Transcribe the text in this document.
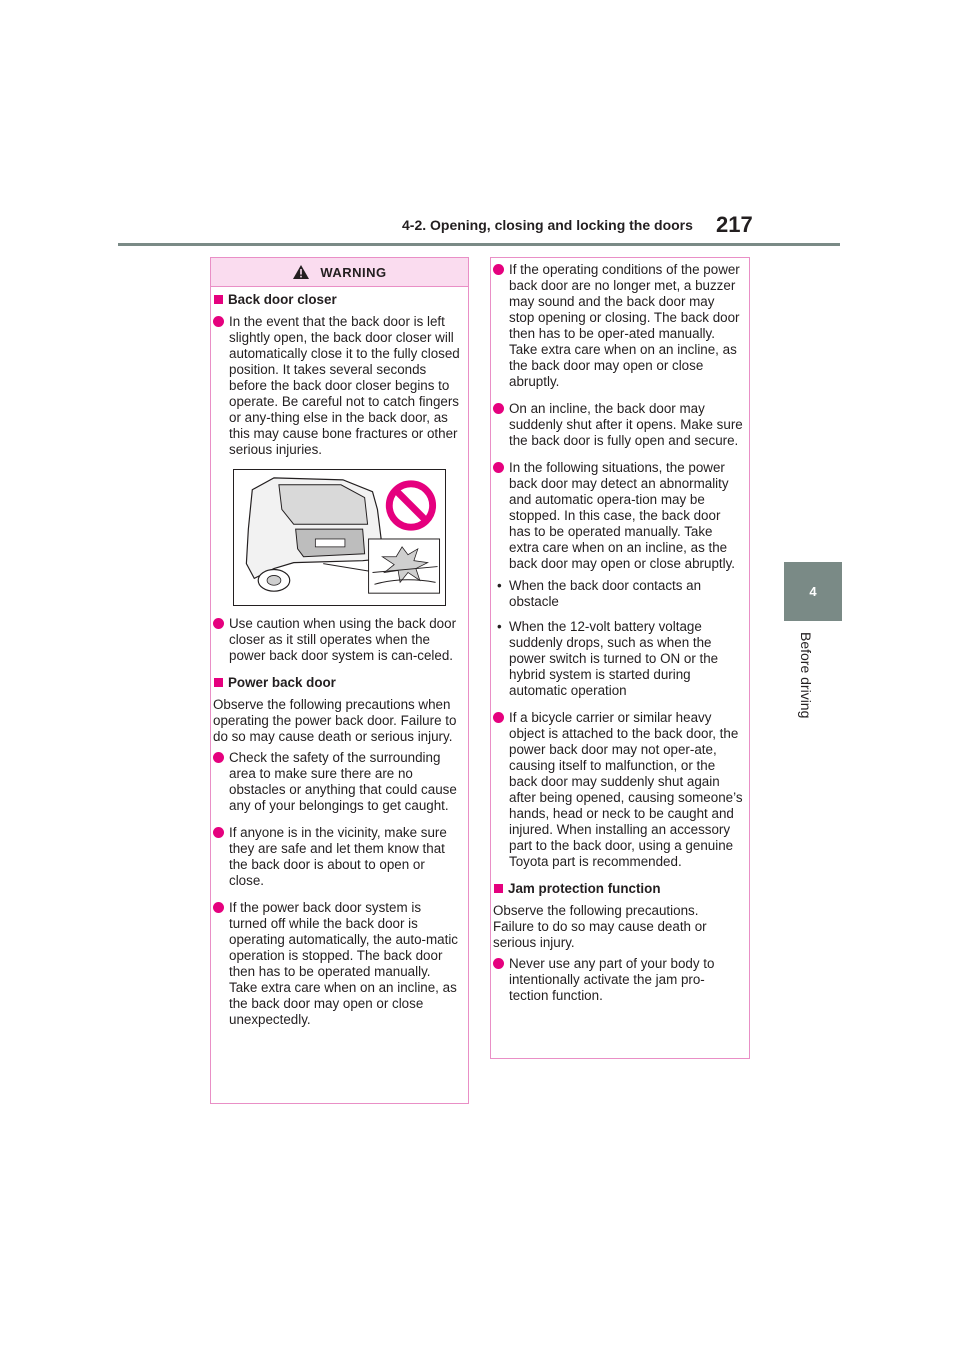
4-2. Opening, closing and locking the doors 217
4
Before driving
WARNING
Back door closer
In the event that the back door is left slightly open, the back door closer will automatically close it to the fully closed position. It takes several seconds before the back door closer begins to operate. Be careful not to catch fingers or any-thing else in the back door, as this may cause bone fractures or other serious injuries.
Use caution when using the back door closer as it still operates when the power back door system is can-celed.
Power back door
Observe the following precautions when operating the power back door. Failure to do so may cause death or serious injury.
Check the safety of the surrounding area to make sure there are no obstacles or anything that could cause any of your belongings to get caught.
If anyone is in the vicinity, make sure they are safe and let them know that the back door is about to open or close.
If the power back door system is turned off while the back door is operating automatically, the auto-matic operation is stopped. The back door then has to be operated manually. Take extra care when on an incline, as the back door may open or close unexpectedly.
If the operating conditions of the power back door are no longer met, a buzzer may sound and the back door may stop opening or closing. The back door then has to be oper-ated manually. Take extra care when on an incline, as the back door may open or close abruptly.
On an incline, the back door may suddenly shut after it opens. Make sure the back door is fully open and secure.
In the following situations, the power back door may detect an abnormality and automatic opera-tion may be stopped. In this case, the back door has to be operated manually. Take extra care when on an incline, as the back door may open or close abruptly.
• When the back door contacts an obstacle
• When the 12-volt battery voltage suddenly drops, such as when the power switch is turned to ON or the hybrid system is started during automatic operation
If a bicycle carrier or similar heavy object is attached to the back door, the power back door may not oper-ate, causing itself to malfunction, or the back door may suddenly shut again after being opened, causing someone’s hands, head or neck to be caught and injured. When installing an accessory part to the back door, using a genuine Toyota part is recommended.
Jam protection function
Observe the following precautions. Failure to do so may cause death or serious injury.
Never use any part of your body to intentionally activate the jam pro-tection function.
